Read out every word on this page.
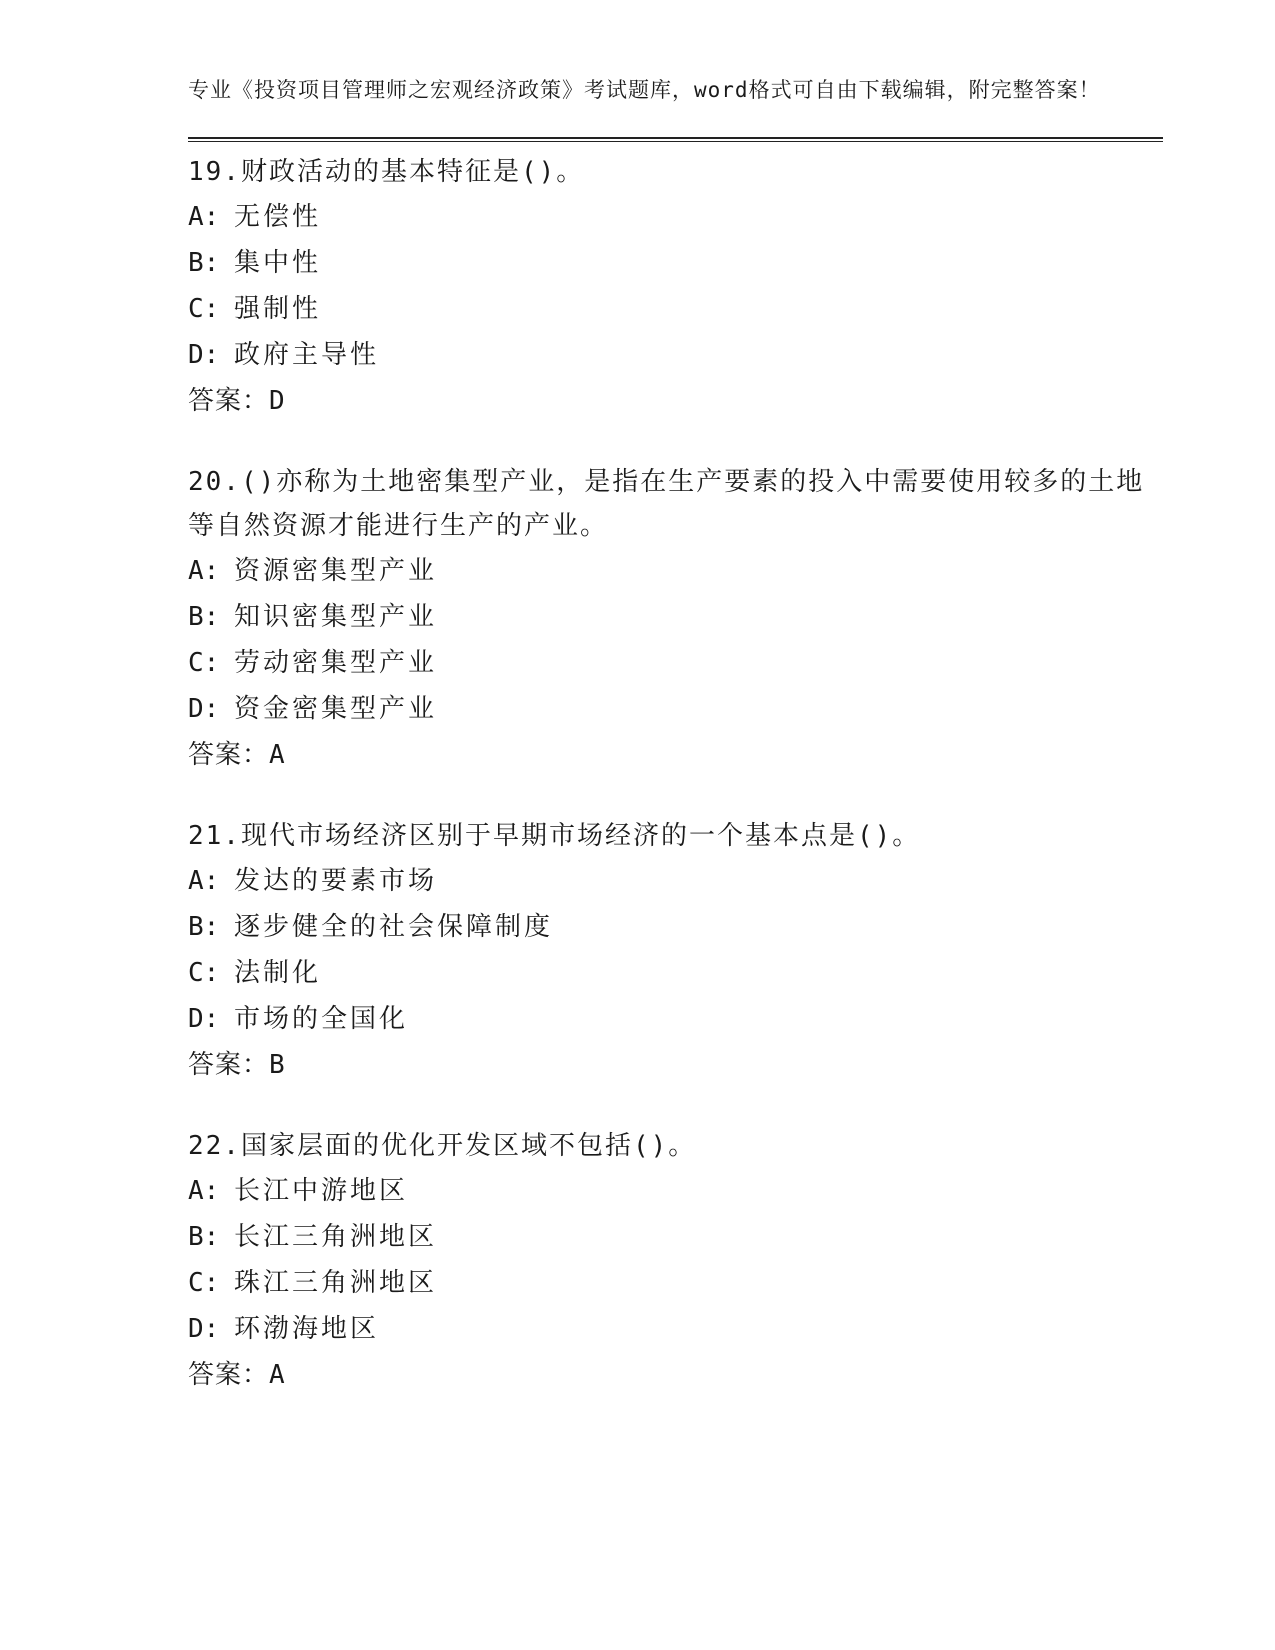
专业《投资项目管理师之宏观经济政策》考试题库，word格式可自由下载编辑，附完整答案！

19.财政活动的基本特征是()。

A: 无偿性

B: 集中性

C: 强制性

D: 政府主导性

答案：D

20.()亦称为土地密集型产业，是指在生产要素的投入中需要使用较多的土地等自然资源才能进行生产的产业。

A: 资源密集型产业

B: 知识密集型产业

C: 劳动密集型产业

D: 资金密集型产业

答案：A

21.现代市场经济区别于早期市场经济的一个基本点是()。

A: 发达的要素市场

B: 逐步健全的社会保障制度

C: 法制化

D: 市场的全国化

答案：B

22.国家层面的优化开发区域不包括()。

A: 长江中游地区

B: 长江三角洲地区

C: 珠江三角洲地区

D: 环渤海地区

答案：A
